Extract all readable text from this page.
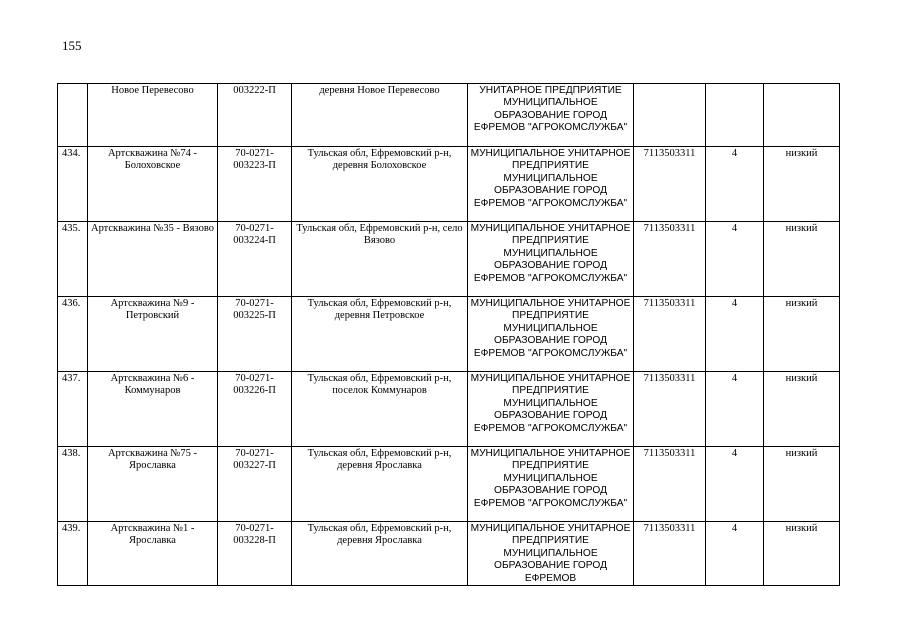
155
	Новое Перевесово	003222-П	деревня Новое Перевесово	УНИТАРНОЕ ПРЕДПРИЯТИЕ МУНИЦИПАЛЬНОЕ ОБРАЗОВАНИЕ ГОРОД ЕФРЕМОВ "АГРОКОМСЛУЖБА"			
434.	Артскважина №74 - Болоховское	70-0271-003223-П	Тульская обл, Ефремовский р-н, деревня Болоховское	МУНИЦИПАЛЬНОЕ УНИТАРНОЕ ПРЕДПРИЯТИЕ МУНИЦИПАЛЬНОЕ ОБРАЗОВАНИЕ ГОРОД ЕФРЕМОВ "АГРОКОМСЛУЖБА"	7113503311	4	низкий
435.	Артскважина №35 - Вязово	70-0271-003224-П	Тульская обл, Ефремовский р-н, село Вязово	МУНИЦИПАЛЬНОЕ УНИТАРНОЕ ПРЕДПРИЯТИЕ МУНИЦИПАЛЬНОЕ ОБРАЗОВАНИЕ ГОРОД ЕФРЕМОВ "АГРОКОМСЛУЖБА"	7113503311	4	низкий
436.	Артскважина №9 - Петровский	70-0271-003225-П	Тульская обл, Ефремовский р-н, деревня Петровское	МУНИЦИПАЛЬНОЕ УНИТАРНОЕ ПРЕДПРИЯТИЕ МУНИЦИПАЛЬНОЕ ОБРАЗОВАНИЕ ГОРОД ЕФРЕМОВ "АГРОКОМСЛУЖБА"	7113503311	4	низкий
437.	Артскважина №6 - Коммунаров	70-0271-003226-П	Тульская обл, Ефремовский р-н, поселок Коммунаров	МУНИЦИПАЛЬНОЕ УНИТАРНОЕ ПРЕДПРИЯТИЕ МУНИЦИПАЛЬНОЕ ОБРАЗОВАНИЕ ГОРОД ЕФРЕМОВ "АГРОКОМСЛУЖБА"	7113503311	4	низкий
438.	Артскважина №75 - Ярославка	70-0271-003227-П	Тульская обл, Ефремовский р-н, деревня Ярославка	МУНИЦИПАЛЬНОЕ УНИТАРНОЕ ПРЕДПРИЯТИЕ МУНИЦИПАЛЬНОЕ ОБРАЗОВАНИЕ ГОРОД ЕФРЕМОВ "АГРОКОМСЛУЖБА"	7113503311	4	низкий
439.	Артскважина №1 - Ярославка	70-0271-003228-П	Тульская обл, Ефремовский р-н, деревня Ярославка	МУНИЦИПАЛЬНОЕ УНИТАРНОЕ ПРЕДПРИЯТИЕ МУНИЦИПАЛЬНОЕ ОБРАЗОВАНИЕ ГОРОД ЕФРЕМОВ	7113503311	4	низкий
